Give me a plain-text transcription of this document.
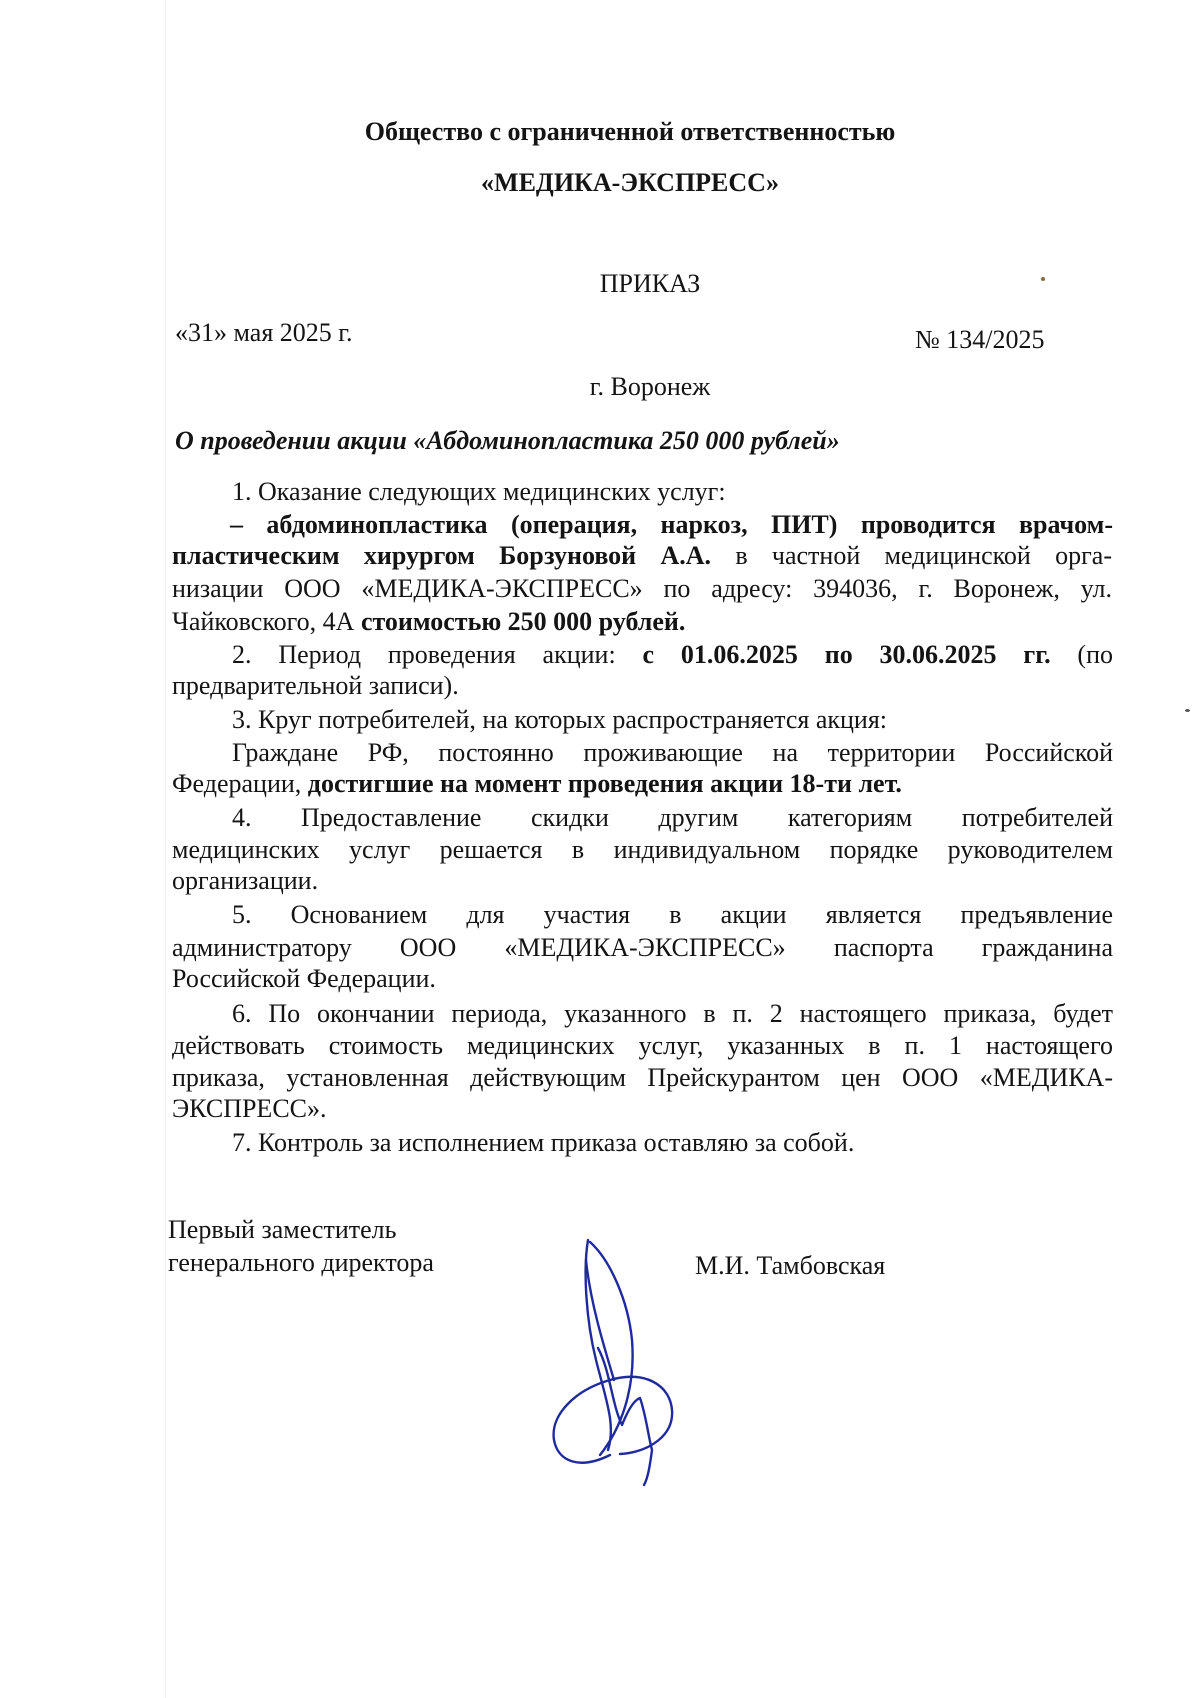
Общество с ограниченной ответственностью
«МЕДИКА-ЭКСПРЕСС»
ПРИКАЗ
«31» мая 2025 г.	№ 134/2025
г. Воронеж
О проведении акции «Абдоминопластика 250 000 рублей»
1. Оказание следующих медицинских услуг:
– абдоминопластика (операция, наркоз, ПИТ) проводится врачом-
пластическим хирургом Борзуновой А.А. в частной медицинской орга-
низации ООО «МЕДИКА-ЭКСПРЕСС» по адресу: 394036, г. Воронеж, ул.
Чайковского, 4А стоимостью 250 000 рублей.
2. Период проведения акции: с 01.06.2025 по 30.06.2025 гг. (по
предварительной записи).
3. Круг потребителей, на которых распространяется акция:
Граждане РФ, постоянно проживающие на территории Российской
Федерации, достигшие на момент проведения акции 18-ти лет.
4. Предоставление скидки другим категориям потребителей
медицинских услуг решается в индивидуальном порядке руководителем
организации.
5. Основанием для участия в акции является предъявление
администратору ООО «МЕДИКА-ЭКСПРЕСС» паспорта гражданина
Российской Федерации.
6. По окончании периода, указанного в п. 2 настоящего приказа, будет
действовать стоимость медицинских услуг, указанных в п. 1 настоящего
приказа, установленная действующим Прейскурантом цен ООО «МЕДИКА-
ЭКСПРЕСС».
7. Контроль за исполнением приказа оставляю за собой.
Первый заместитель
генерального директора	М.И. Тамбовская
